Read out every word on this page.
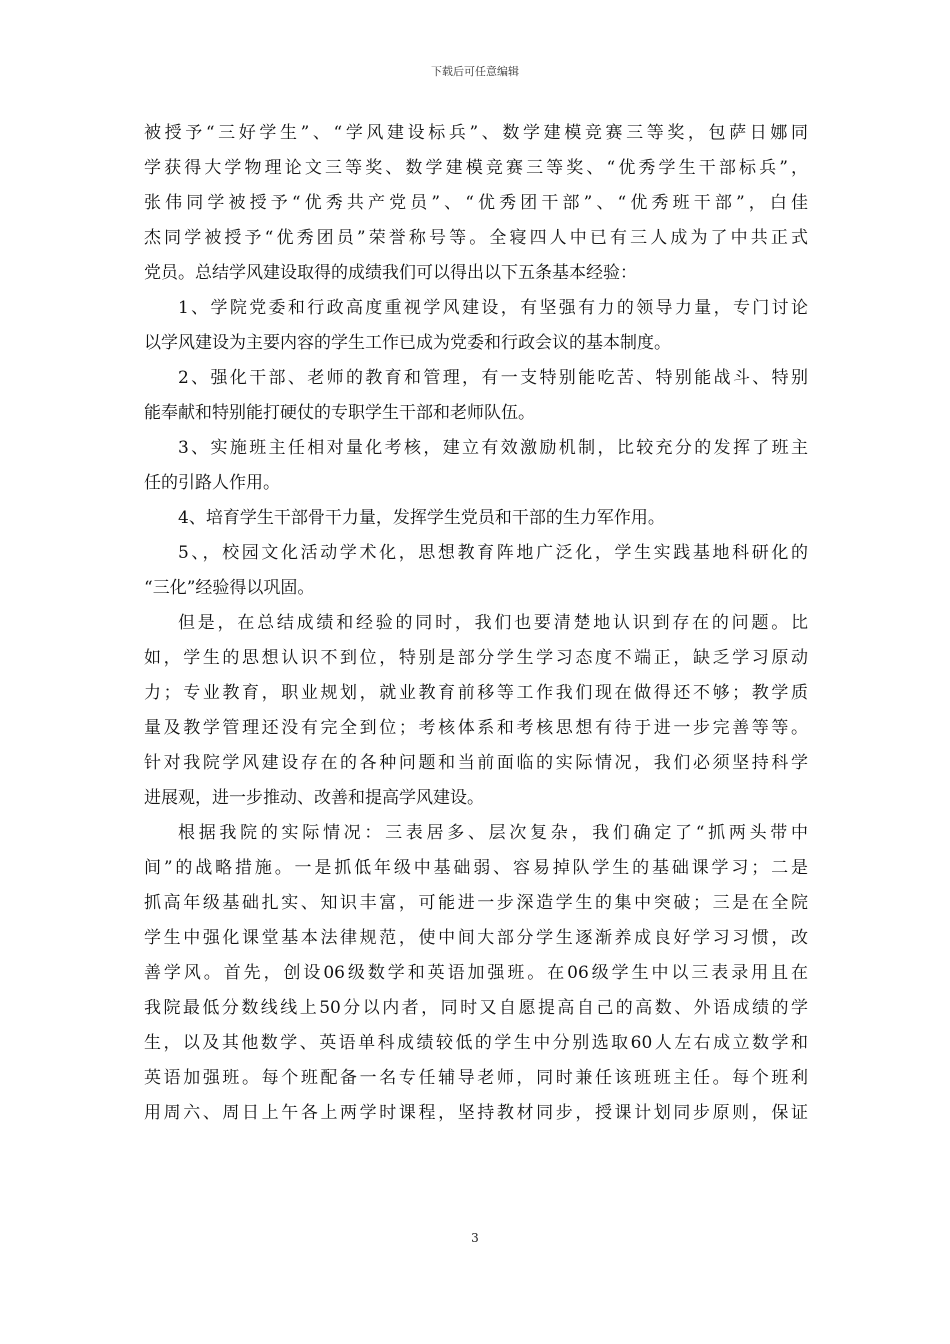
下载后可任意编辑
被授予“三好学生”、“学风建设标兵”、数学建模竞赛三等奖，包萨日娜同
学获得大学物理论文三等奖、数学建模竞赛三等奖、“优秀学生干部标兵”，
张伟同学被授予“优秀共产党员”、“优秀团干部”、“优秀班干部”，白佳
杰同学被授予“优秀团员”荣誉称号等。全寝四人中已有三人成为了中共正式
党员。总结学风建设取得的成绩我们可以得出以下五条基本经验：
1、学院党委和行政高度重视学风建设，有坚强有力的领导力量，专门讨论
以学风建设为主要内容的学生工作已成为党委和行政会议的基本制度。
2、强化干部、老师的教育和管理，有一支特别能吃苦、特别能战斗、特别
能奉献和特别能打硬仗的专职学生干部和老师队伍。
3、实施班主任相对量化考核，建立有效激励机制，比较充分的发挥了班主
任的引路人作用。
4、培育学生干部骨干力量，发挥学生党员和干部的生力军作用。
5、，校园文化活动学术化，思想教育阵地广泛化，学生实践基地科研化的
“三化”经验得以巩固。
但是，在总结成绩和经验的同时，我们也要清楚地认识到存在的问题。比
如，学生的思想认识不到位，特别是部分学生学习态度不端正，缺乏学习原动
力；专业教育，职业规划，就业教育前移等工作我们现在做得还不够；教学质
量及教学管理还没有完全到位；考核体系和考核思想有待于进一步完善等等。
针对我院学风建设存在的各种问题和当前面临的实际情况，我们必须坚持科学
进展观，进一步推动、改善和提高学风建设。
根据我院的实际情况：三表居多、层次复杂，我们确定了“抓两头带中
间”的战略措施。一是抓低年级中基础弱、容易掉队学生的基础课学习；二是
抓高年级基础扎实、知识丰富，可能进一步深造学生的集中突破；三是在全院
学生中强化课堂基本法律规范，使中间大部分学生逐渐养成良好学习习惯，改
善学风。首先，创设06级数学和英语加强班。在06级学生中以三表录用且在
我院最低分数线线上50分以内者，同时又自愿提高自己的高数、外语成绩的学
生，以及其他数学、英语单科成绩较低的学生中分别选取60人左右成立数学和
英语加强班。每个班配备一名专任辅导老师，同时兼任该班班主任。每个班利
用周六、周日上午各上两学时课程，坚持教材同步，授课计划同步原则，保证
3
